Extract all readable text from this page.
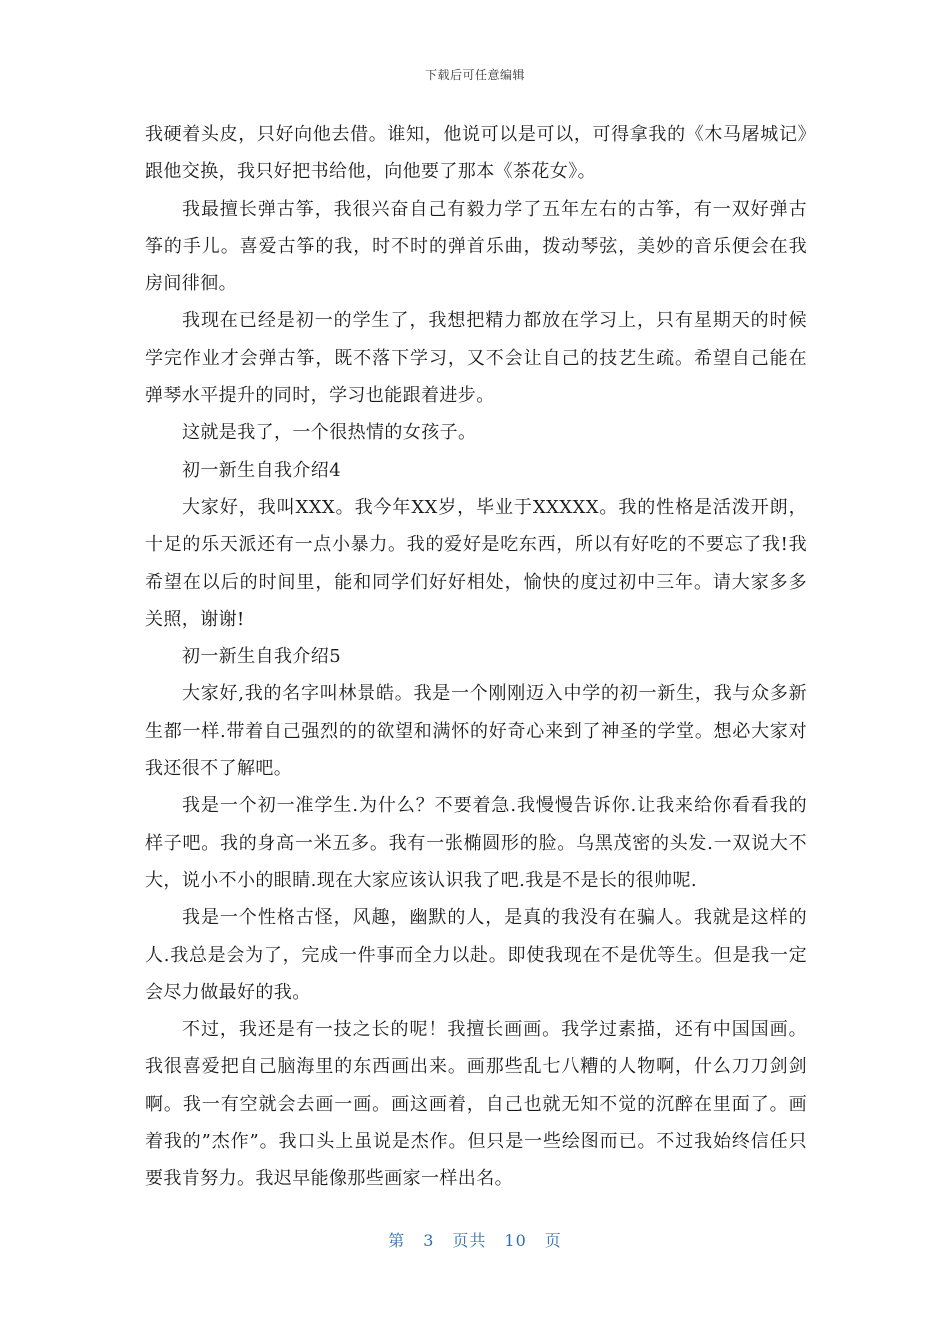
下载后可任意编辑

我硬着头皮，只好向他去借。谁知，他说可以是可以，可得拿我的《木马屠城记》跟他交换，我只好把书给他，向他要了那本《茶花女》。

我最擅长弹古筝，我很兴奋自己有毅力学了五年左右的古筝，有一双好弹古筝的手儿。喜爱古筝的我，时不时的弹首乐曲，拨动琴弦，美妙的音乐便会在我房间徘徊。

我现在已经是初一的学生了，我想把精力都放在学习上，只有星期天的时候学完作业才会弹古筝，既不落下学习，又不会让自己的技艺生疏。希望自己能在弹琴水平提升的同时，学习也能跟着进步。

这就是我了，一个很热情的女孩子。

初一新生自我介绍4

大家好，我叫XXX。我今年XX岁，毕业于XXXXX。我的性格是活泼开朗，十足的乐天派还有一点小暴力。我的爱好是吃东西，所以有好吃的不要忘了我!我希望在以后的时间里，能和同学们好好相处，愉快的度过初中三年。请大家多多关照，谢谢!

初一新生自我介绍5

大家好,我的名字叫林景皓。我是一个刚刚迈入中学的初一新生，我与众多新生都一样.带着自己强烈的的欲望和满怀的好奇心来到了神圣的学堂。想必大家对我还很不了解吧。

我是一个初一准学生.为什么？不要着急.我慢慢告诉你.让我来给你看看我的样子吧。我的身高一米五多。我有一张椭圆形的脸。乌黑茂密的头发.一双说大不大，说小不小的眼睛.现在大家应该认识我了吧.我是不是长的很帅呢.

我是一个性格古怪，风趣，幽默的人，是真的我没有在骗人。我就是这样的人.我总是会为了，完成一件事而全力以赴。即使我现在不是优等生。但是我一定会尽力做最好的我。

不过，我还是有一技之长的呢！我擅长画画。我学过素描，还有中国国画。我很喜爱把自己脑海里的东西画出来。画那些乱七八糟的人物啊，什么刀刀剑剑啊。我一有空就会去画一画。画这画着，自己也就无知不觉的沉醉在里面了。画着我的”杰作”。我口头上虽说是杰作。但只是一些绘图而已。不过我始终信任只要我肯努力。我迟早能像那些画家一样出名。

第 3 页共 10 页
